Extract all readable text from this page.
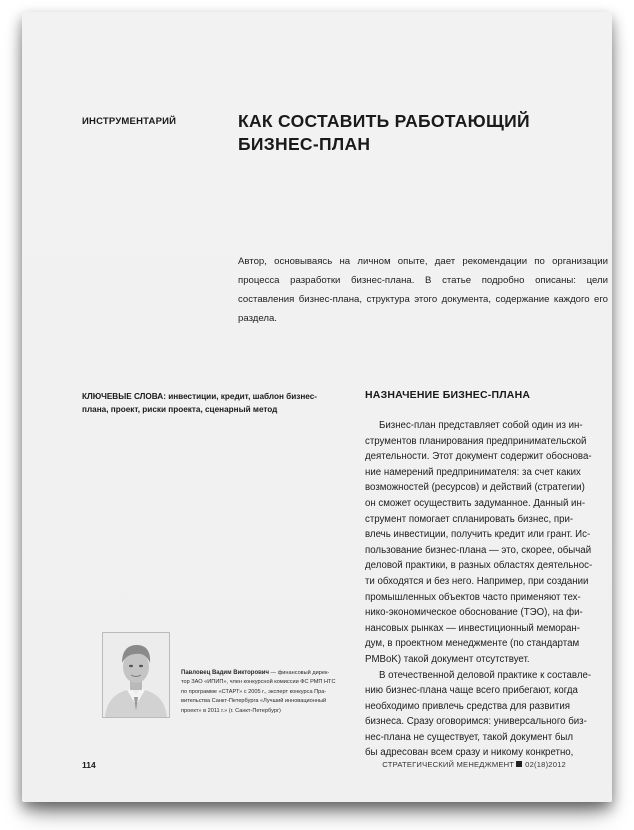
ИНСТРУМЕНТАРИЙ	КАК СОСТАВИТЬ РАБОТАЮЩИЙ
БИЗНЕС-ПЛАН
Автор, основываясь на личном опыте, дает рекомендации по организации процесса разработки бизнес-плана. В статье подробно описаны: цели составления бизнес-плана, структура этого документа, содержание каждого его раздела.
КЛЮЧЕВЫЕ СЛОВА: инвестиции, кредит, шаблон бизнес-плана, проект, риски проекта, сценарный метод
НАЗНАЧЕНИЕ БИЗНЕС-ПЛАНА
Бизнес-план представляет собой один из ин-
струментов планирования предпринимательской
деятельности. Этот документ содержит обоснова-
ние намерений предпринимателя: за счет каких
возможностей (ресурсов) и действий (стратегии)
он сможет осуществить задуманное. Данный ин-
струмент помогает спланировать бизнес, при-
влечь инвестиции, получить кредит или грант. Ис-
пользование бизнес-плана — это, скорее, обычай
деловой практики, в разных областях деятельнос-
ти обходятся и без него. Например, при создании
промышленных объектов часто применяют тех-
нико-экономическое обоснование (ТЭО), на фи-
нансовых рынках — инвестиционный меморан-
дум, в проектном менеджменте (по стандартам
PMBoK) такой документ отсутствует.
В отечественной деловой практике к составле-
нию бизнес-плана чаще всего прибегают, когда
необходимо привлечь средства для развития
бизнеса. Сразу оговоримся: универсального биз-
нес-плана не существует, такой документ был
бы адресован всем сразу и никому конкретно,
Павловец Вадим Викторович — финансовый дирек-
тор ЗАО «ИПИП», член конкурсной комиссии ФС РМП НТС
по программе «СТАРТ» с 2005 г., эксперт конкурса Пра-
вительства Санкт-Петербурга «Лучший инновационный
проект» в 2011 г.» (г. Санкт-Петербург)
114	СТРАТЕГИЧЕСКИЙ МЕНЕДЖМЕНТ 02(18)2012
